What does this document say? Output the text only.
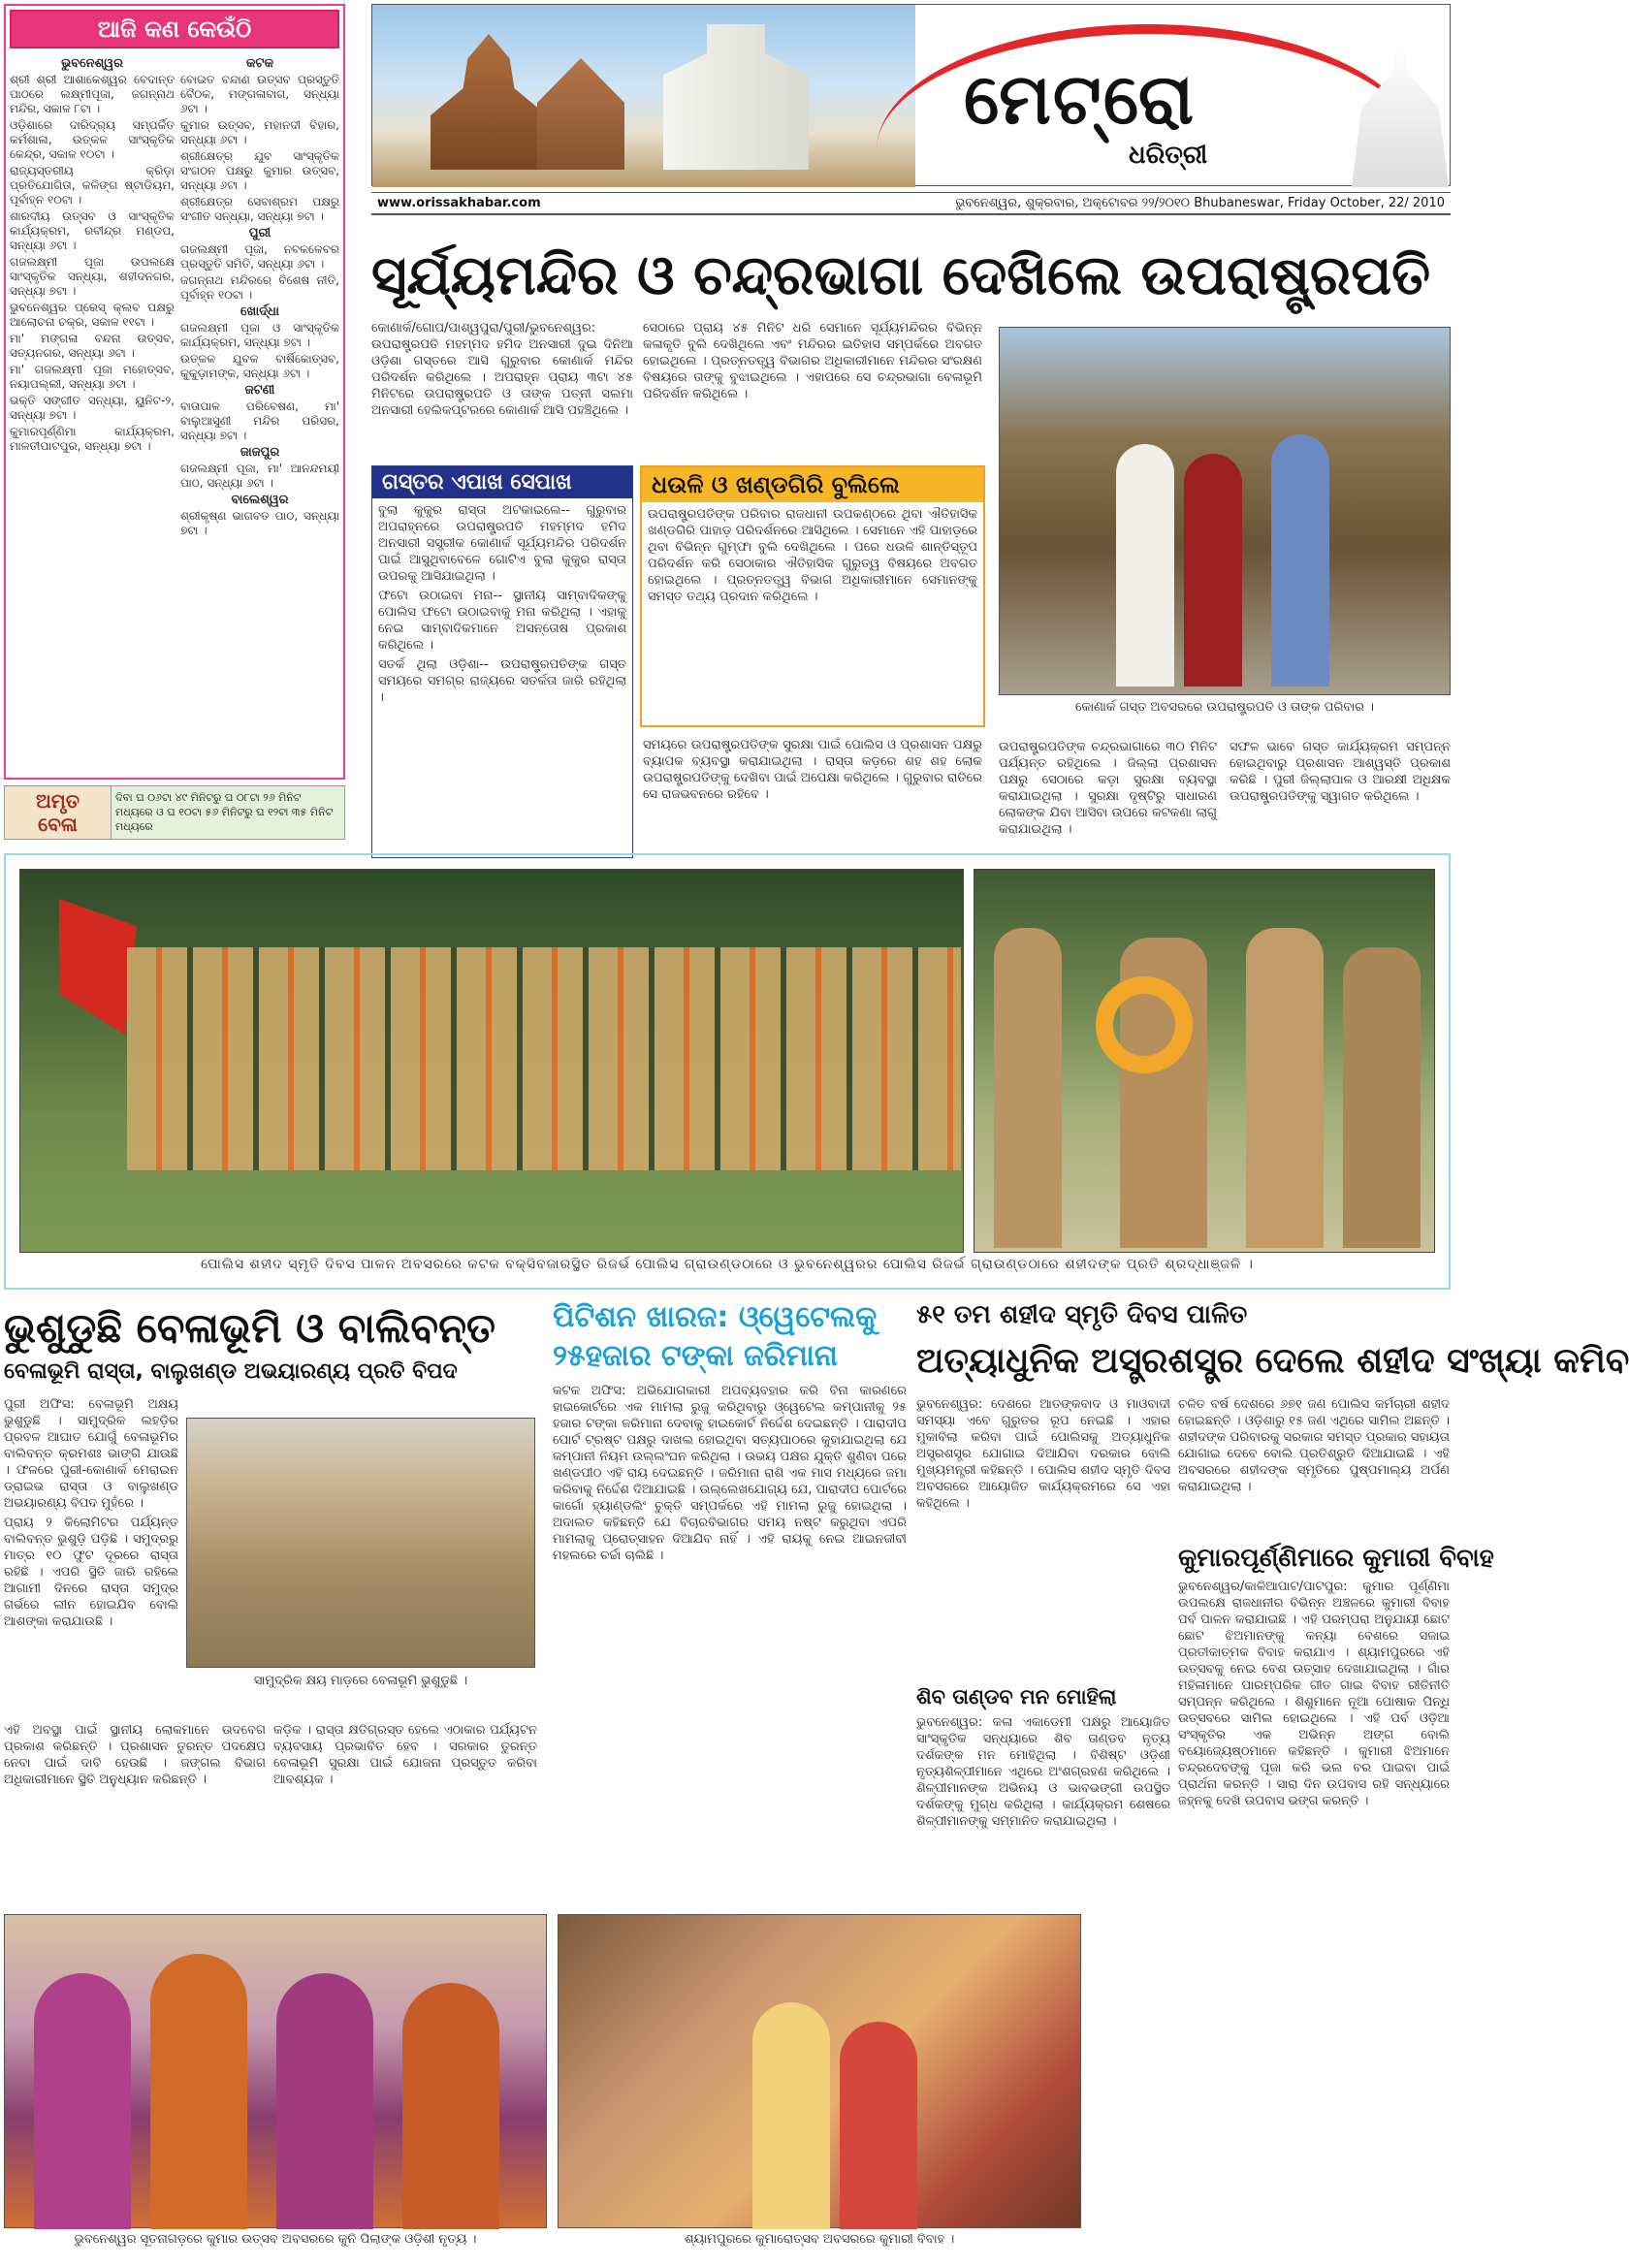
ଆଜି କଣ କେଉଁଠି
ଭୁବନେଶ୍ୱର
ଶ୍ରୀ ଶ୍ରୀ ଆଶାକେଶ୍ୱର ବେଦାନ୍ତ ପାଠରେ ଲକ୍ଷ୍ମୀପୂଜା, ଜଗନ୍ନାଥ ମନ୍ଦିର, ସକାଳ ୮ଟା ।
ଓଡ଼ିଶାରେ ଦାରିଦ୍ର୍ୟ ସମ୍ପର୍କିତ କର୍ମଶାଳା, ଉତ୍କଳ ସାଂସ୍କୃତିକ କେନ୍ଦ୍ର, ସକାଳ ୧୦ଟା ।
ରାଜ୍ୟସ୍ତରୀୟ କ୍ରିଡ଼ା ପ୍ରତିଯୋଗିତା, କଳିଙ୍ଗ ଷ୍ଟାଡିୟମ, ପୂର୍ବାହ୍ନ ୧୦ଟା ।
ଶାରଦୀୟ ଉତ୍ସବ ଓ ସାଂସ୍କୃତିକ କାର୍ଯ୍ୟକ୍ରମ, ରବୀନ୍ଦ୍ର ମଣ୍ଡପ, ସନ୍ଧ୍ୟା ୬ଟା ।
ଗଜଲକ୍ଷ୍ମୀ ପୂଜା ଉପଲକ୍ଷେ ସାଂସ୍କୃତିକ ସନ୍ଧ୍ୟା, ଶହୀଦନଗର, ସନ୍ଧ୍ୟା ୭ଟା ।
ଭୁବନେଶ୍ୱର ପ୍ରେସ୍ କ୍ଲବ ପକ୍ଷରୁ ଆଲୋଚନା ଚକ୍ର, ସକାଳ ୧୧ଟା ।
ମା' ମଙ୍ଗଳା ବନ୍ଦନା ଉତ୍ସବ, ସତ୍ୟନଗର, ସନ୍ଧ୍ୟା ୬ଟା ।
ମା' ଗଜଲକ୍ଷ୍ମୀ ପୂଜା ମହୋତ୍ସବ, ନୟାପଲ୍ଲୀ, ସନ୍ଧ୍ୟା ୬ଟା ।
ଭକ୍ତି ସଙ୍ଗୀତ ସନ୍ଧ୍ୟା, ୟୁନିଟ-୨, ସନ୍ଧ୍ୟା ୭ଟା ।
କୁମାରପୂର୍ଣ୍ଣିମା କାର୍ଯ୍ୟକ୍ରମ, ମାଳତୀପାଟପୁର, ସନ୍ଧ୍ୟା ୭ଟା ।
କଟକ
ବୋଇତ ବନ୍ଦାଣ ଉତ୍ସବ ପ୍ରସ୍ତୁତି ବୈଠକ, ମଙ୍ଗଳାବାଗ, ସନ୍ଧ୍ୟା ୬ଟା ।
କୁମାର ଉତ୍ସବ, ମହାନଦୀ ବିହାର, ସନ୍ଧ୍ୟା ୬ଟା ।
ଶ୍ରୀକ୍ଷେତ୍ର ଯୁବ ସାଂସ୍କୃତିକ ସଂଗଠନ ପକ୍ଷରୁ କୁମାର ଉତ୍ସବ, ସନ୍ଧ୍ୟା ୬ଟା ।
ଶ୍ରୀକ୍ଷେତ୍ର ସେବାଶ୍ରମ ପକ୍ଷରୁ ସଂଗୀତ ସନ୍ଧ୍ୟା, ସନ୍ଧ୍ୟା ୭ଟା ।
ପୁରୀ
ଗଜଲକ୍ଷ୍ମୀ ପୂଜା, ନବକଳେବର ପ୍ରସ୍ତୁତି ସମିତି, ସନ୍ଧ୍ୟା ୬ଟା ।
ଜଗନ୍ନାଥ ମନ୍ଦିରରେ ବିଶେଷ ନୀତି, ପୂର୍ବାହ୍ନ ୧୦ଟା ।
ଖୋର୍ଦ୍ଧା
ଗଜଲକ୍ଷ୍ମୀ ପୂଜା ଓ ସାଂସ୍କୃତିକ କାର୍ଯ୍ୟକ୍ରମ, ସନ୍ଧ୍ୟା ୭ଟା ।
ଉତ୍କଳ ଯୁବକ ବାର୍ଷିକୋତ୍ସବ, କୁକୁଡ଼ାମଙ୍କ, ସନ୍ଧ୍ୟା ୬ଟା ।
ଜଟଣୀ
ବାତାପାଳ ପରିବେଷଣ, ମା' ବାଲୁଆସୁଣୀ ମନ୍ଦିର ପରିସର, ସନ୍ଧ୍ୟା ୭ଟା ।
ଜାଜପୁର
ଗଜଲକ୍ଷ୍ମୀ ପୂଜା, ମା' ଆନନ୍ଦମୟୀ ପାଠ, ସନ୍ଧ୍ୟା ୬ଟା ।
ବାଲେଶ୍ୱର
ଶ୍ରୀକୃଷ୍ଣ ଭାଗବତ ପାଠ, ସନ୍ଧ୍ୟା ୭ଟା ।
ଅମୃତ
ବେଳା
ଦିବା ଘ ୦୬ଟା ୪୯ ମିନିଟରୁ ଘ ୦୮ଟା ୨୬ ମିନିଟ ମଧ୍ୟରେ ଓ ଘ ୧୦ଟା ୫୬ ମିନିଟରୁ ଘ ୧୨ଟା ୩୫ ମିନିଟ ମଧ୍ୟରେ
ମେଟ୍ରୋ
ଧରିତ୍ରୀ
www.orissakhabar.com	ଭୁବନେଶ୍ୱର, ଶୁକ୍ରବାର, ଅକ୍ଟୋବର ୨୨/୨୦୧୦ Bhubaneswar, Friday October, 22/ 2010
ସୂର୍ଯ୍ୟମନ୍ଦିର ଓ ଚନ୍ଦ୍ରଭାଗା ଦେଖିଲେ ଉପରାଷ୍ଟ୍ରପତି

କୋଣାର୍କ/ଗୋପ/ପାଶ୍ୱପୁରା/ପୁରୀ/ଭୁବନେଶ୍ୱର: ଉପରାଷ୍ଟ୍ରପତି ମହମ୍ମଦ ହମିଦ ଅନସାରୀ ଦୁଇ ଦିନିଆ ଓଡ଼ିଶା ଗସ୍ତରେ ଆସି ଗୁରୁବାର କୋଣାର୍କ ମନ୍ଦିର ପରିଦର୍ଶନ କରିଥିଲେ । ଅପରାହ୍ନ ପ୍ରାୟ ୩ଟା ୪୫ ମିନିଟରେ ଉପରାଷ୍ଟ୍ରପତି ଓ ତାଙ୍କ ପତ୍ନୀ ସଲମା ଅନସାରୀ ହେଲିକପ୍ଟରରେ କୋଣାର୍କ ଆସି ପହଞ୍ଚିଥିଲେ ।

ସେଠାରେ ପ୍ରାୟ ୪୫ ମିନିଟ ଧରି ସେମାନେ ସୂର୍ଯ୍ୟମନ୍ଦିରର ବିଭିନ୍ନ କଳାକୃତି ବୁଲି ଦେଖିଥିଲେ ଏବଂ ମନ୍ଦିରର ଇତିହାସ ସମ୍ପର୍କରେ ଅବଗତ ହୋଇଥିଲେ । ପ୍ରତ୍ନତତ୍ତ୍ୱ ବିଭାଗର ଅଧିକାରୀମାନେ ମନ୍ଦିରର ସଂରକ୍ଷଣ ବିଷୟରେ ତାଙ୍କୁ ବୁଝାଇଥିଲେ । ଏହାପରେ ସେ ଚନ୍ଦ୍ରଭାଗା ବେଳାଭୂମି ପରିଦର୍ଶନ କରିଥିଲେ ।

କୋଣାର୍କ ଗସ୍ତ ଅବସରରେ ଉପରାଷ୍ଟ୍ରପତି ଓ ତାଙ୍କ ପରିବାର ।
ଗସ୍ତର ଏପାଖ ସେପାଖ

ବୁଲା କୁକୁର ରାସ୍ତା ଅଟକାଇଲେ-- ଗୁରୁବାର ଅପରାହ୍ନରେ ଉପରାଷ୍ଟ୍ରପତି ମହମ୍ମଦ ହମିଦ ଅନସାରୀ ସସ୍ତ୍ରୀକ କୋଣାର୍କ ସୂର୍ଯ୍ୟମନ୍ଦିର ପରିଦର୍ଶନ ପାଇଁ ଆସୁଥିବାବେଳେ ଗୋଟିଏ ବୁଲା କୁକୁର ରାସ୍ତା ଉପରକୁ ଆସିଯାଇଥିଲା ।

ଫଟୋ ଉଠାଇବା ମନା-- ସ୍ଥାନୀୟ ସାମ୍ବାଦିକଙ୍କୁ ପୋଲିସ ଫଟୋ ଉଠାଇବାକୁ ମନା କରିଥିଲା । ଏହାକୁ ନେଇ ସାମ୍ବାଦିକମାନେ ଅସନ୍ତୋଷ ପ୍ରକାଶ କରିଥିଲେ ।

ସତର୍କ ଥିଲା ଓଡ଼ିଶା-- ଉପରାଷ୍ଟ୍ରପତିଙ୍କ ଗସ୍ତ ସମୟରେ ସମଗ୍ର ରାଜ୍ୟରେ ସତର୍କତା ଜାରି ରହିଥିଲା ।

ଧଉଳି ଓ ଖଣ୍ଡଗିରି ବୁଲିଲେ
ଉପରାଷ୍ଟ୍ରପତିଙ୍କ ପରିବାର ରାଜଧାନୀ ଉପକଣ୍ଠରେ ଥିବା ଐତିହାସିକ ଖଣ୍ଡଗିରି ପାହାଡ଼ ପରିଦର୍ଶନରେ ଆସିଥିଲେ । ସେମାନେ ଏହି ପାହାଡ଼ରେ ଥିବା ବିଭିନ୍ନ ଗୁମ୍ଫା ବୁଲି ଦେଖିଥିଲେ । ପରେ ଧଉଳି ଶାନ୍ତିସ୍ତୂପ ପରିଦର୍ଶନ କରି ସେଠାକାର ଐତିହାସିକ ଗୁରୁତ୍ୱ ବିଷୟରେ ଅବଗତ ହୋଇଥିଲେ । ପ୍ରତ୍ନତତ୍ତ୍ୱ ବିଭାଗ ଅଧିକାରୀମାନେ ସେମାନଙ୍କୁ ସମସ୍ତ ତଥ୍ୟ ପ୍ରଦାନ କରିଥିଲେ ।

ସମୟରେ ଉପରାଷ୍ଟ୍ରପତିଙ୍କ ସୁରକ୍ଷା ପାଇଁ ପୋଲିସ ଓ ପ୍ରଶାସନ ପକ୍ଷରୁ ବ୍ୟାପକ ବ୍ୟବସ୍ଥା କରାଯାଇଥିଲା । ରାସ୍ତା କଡ଼ରେ ଶହ ଶହ ଲୋକ ଉପରାଷ୍ଟ୍ରପତିଙ୍କୁ ଦେଖିବା ପାଇଁ ଅପେକ୍ଷା କରିଥିଲେ । ଗୁରୁବାର ରାତିରେ ସେ ରାଜଭବନରେ ରହିବେ ।

ଉପରାଷ୍ଟ୍ରପତିଙ୍କ ଚନ୍ଦ୍ରଭାଗାରେ ୩୦ ମିନିଟ ପର୍ଯ୍ୟନ୍ତ ରହିଥିଲେ । ଜିଲ୍ଲା ପ୍ରଶାସନ ପକ୍ଷରୁ ସେଠାରେ କଡ଼ା ସୁରକ୍ଷା ବ୍ୟବସ୍ଥା କରାଯାଇଥିଲା । ସୁରକ୍ଷା ଦୃଷ୍ଟିରୁ ସାଧାରଣ ଲୋକଙ୍କ ଯିବା ଆସିବା ଉପରେ କଟକଣା ଲାଗୁ କରାଯାଇଥିଲା ।

ସଫଳ ଭାବେ ଗସ୍ତ କାର୍ଯ୍ୟକ୍ରମ ସମ୍ପନ୍ନ ହୋଇଥିବାରୁ ପ୍ରଶାସନ ଆଶ୍ୱସ୍ତି ପ୍ରକାଶ କରିଛି । ପୁରୀ ଜିଲ୍ଲାପାଳ ଓ ଆରକ୍ଷୀ ଅଧିକ୍ଷକ ଉପରାଷ୍ଟ୍ରପତିଙ୍କୁ ସ୍ୱାଗତ କରିଥିଲେ ।

ପୋଲିସ ଶହୀଦ ସ୍ମୃତି ଦିବସ ପାଳନ ଅବସରରେ କଟକ ବକ୍ସିବଜାରସ୍ଥିତ ରିଜର୍ଭ ପୋଲିସ ଗ୍ରାଉଣ୍ଡଠାରେ ଓ ଭୁବନେଶ୍ୱରର ପୋଲିସ ରିଜର୍ଭ ଗ୍ରାଉଣ୍ଡଠାରେ ଶହୀଦଙ୍କ ପ୍ରତି ଶ୍ରଦ୍ଧାଞ୍ଜଳି ।
ଭୁଶୁଡୁଛି ବେଳାଭୂମି ଓ ବାଲିବନ୍ତ
ବେଳାଭୂମି ରାସ୍ତା, ବାଲୁଖଣ୍ଡ ଅଭୟାରଣ୍ୟ ପ୍ରତି ବିପଦ

ପୁରୀ ଅଫିସ: ବେଳାଭୂମି ଅକ୍ଷୟ ଭୁଶୁଡୁଛି । ସାମୁଦ୍ରିକ ଲହଡ଼ିର ପ୍ରବଳ ଆଘାତ ଯୋଗୁଁ ବେଳାଭୂମିର ବାଲିବନ୍ତ କ୍ରମଶଃ ଭାଙ୍ଗି ଯାଉଛି । ଫଳରେ ପୁରୀ-କୋଣାର୍କ ମେରାଇନ ଡ୍ରାଇଭ ରାସ୍ତା ଓ ବାଲୁଖଣ୍ଡ ଅଭୟାରଣ୍ୟ ବିପଦ ମୁହଁରେ ।

ପ୍ରାୟ ୨ କିଲୋମିଟର ପର୍ଯ୍ୟନ୍ତ ବାଲିବନ୍ତ ଭୁଶୁଡ଼ି ପଡ଼ିଛି । ସମୁଦ୍ରରୁ ମାତ୍ର ୧୦ ଫୁଟ ଦୂରରେ ରାସ୍ତା ରହିଛି । ଏପରି ସ୍ଥିତି ଜାରି ରହିଲେ ଆଗାମୀ ଦିନରେ ରାସ୍ତା ସମୁଦ୍ର ଗର୍ଭରେ ଲୀନ ହୋଇଯିବ ବୋଲି ଆଶଙ୍କା କରାଯାଉଛି ।

ସାମୁଦ୍ରିକ କ୍ଷୟ ମାଡ଼ରେ ବେଳାଭୂମି ଭୁଶୁଡୁଛି ।

ଏହି ଅବସ୍ଥା ପାଇଁ ସ୍ଥାନୀୟ ଲୋକମାନେ ଉଦବେଗ ପ୍ରକାଶ କରିଛନ୍ତି । ପ୍ରଶାସନ ତୁରନ୍ତ ପଦକ୍ଷେପ ନେବା ପାଇଁ ଦାବି ହେଉଛି । ଜଙ୍ଗଲ ବିଭାଗ ଅଧିକାରୀମାନେ ସ୍ଥିତି ଅନୁଧ୍ୟାନ କରିଛନ୍ତି ।

କଡ଼ିକ । ରାସ୍ତା କ୍ଷତିଗ୍ରସ୍ତ ହେଲେ ଏଠାକାର ପର୍ଯ୍ୟଟନ ବ୍ୟବସାୟ ପ୍ରଭାବିତ ହେବ । ସରକାର ତୁରନ୍ତ ବେଳାଭୂମି ସୁରକ୍ଷା ପାଇଁ ଯୋଜନା ପ୍ରସ୍ତୁତ କରିବା ଆବଶ୍ୟକ ।

ପିଟିଶନ ଖାରଜ: ଓ୍ୱେଟେଲକୁ
୨୫ହଜାର ଟଙ୍କା ଜରିମାନା
କଟକ ଅଫିସ: ଅଭିଯୋଗକାରୀ ଅପବ୍ୟବହାର କରି ବିନା କାରଣରେ ହାଇକୋର୍ଟରେ ଏକ ମାମଲା ରୁଜୁ କରିଥିବାରୁ ଓ୍ୱେଟେଲ କମ୍ପାନୀକୁ ୨୫ ହଜାର ଟଙ୍କା ଜରିମାନା ଦେବାକୁ ହାଇକୋର୍ଟ ନିର୍ଦ୍ଦେଶ ଦେଇଛନ୍ତି । ପାରାଦୀପ ପୋର୍ଟ ଟ୍ରଷ୍ଟ ପକ୍ଷରୁ ଦାଖଲ ହୋଇଥିବା ସତ୍ୟପାଠରେ କୁହାଯାଇଥିଲା ଯେ କମ୍ପାନୀ ନିୟମ ଉଲ୍ଲଂଘନ କରିଥିଲା । ଉଭୟ ପକ୍ଷର ଯୁକ୍ତି ଶୁଣିବା ପରେ ଖଣ୍ଡପୀଠ ଏହି ରାୟ ଦେଇଛନ୍ତି । ଜରିମାନା ରାଶି ଏକ ମାସ ମଧ୍ୟରେ ଜମା କରିବାକୁ ନିର୍ଦ୍ଦେଶ ଦିଆଯାଇଛି । ଉଲ୍ଲେଖଯୋଗ୍ୟ ଯେ, ପାରାଦୀପ ପୋର୍ଟରେ କାର୍ଗୋ ହ୍ୟାଣ୍ଡଲିଂ ଚୁକ୍ତି ସମ୍ପର୍କରେ ଏହି ମାମଲା ରୁଜୁ ହୋଇଥିଲା । ଅଦାଲତ କହିଛନ୍ତି ଯେ ବିଚାରବିଭାଗର ସମୟ ନଷ୍ଟ କରୁଥିବା ଏପରି ମାମଲାକୁ ପ୍ରୋତ୍ସାହନ ଦିଆଯିବ ନାହିଁ । ଏହି ରାୟକୁ ନେଇ ଆଇନଜୀବୀ ମହଲରେ ଚର୍ଚ୍ଚା ଚାଲିଛି ।
୫୧ ତମ ଶହୀଦ ସ୍ମୃତି ଦିବସ ପାଳିତ
ଅତ୍ୟାଧୁନିକ ଅସ୍ତ୍ରଶସ୍ତ୍ର ଦେଲେ ଶହୀଦ ସଂଖ୍ୟା କମିବ

ଭୁବନେଶ୍ୱର: ଦେଶରେ ଆତଙ୍କବାଦ ଓ ମାଓବାଦୀ ସମସ୍ୟା ଏବେ ଗୁରୁତର ରୂପ ନେଇଛି । ଏହାର ମୁକାବିଲା କରିବା ପାଇଁ ପୋଲିସକୁ ଅତ୍ୟାଧୁନିକ ଅସ୍ତ୍ରଶସ୍ତ୍ର ଯୋଗାଇ ଦିଆଯିବା ଦରକାର ବୋଲି ମୁଖ୍ୟମନ୍ତ୍ରୀ କହିଛନ୍ତି । ପୋଲିସ ଶହୀଦ ସ୍ମୃତି ଦିବସ ଅବସରରେ ଆୟୋଜିତ କାର୍ଯ୍ୟକ୍ରମରେ ସେ ଏହା କହିଥିଲେ ।

ଚଳିତ ବର୍ଷ ଦେଶରେ ୬୭୧ ଜଣ ପୋଲିସ କର୍ମଚାରୀ ଶହୀଦ ହୋଇଛନ୍ତି । ଓଡ଼ିଶାରୁ ୧୫ ଜଣ ଏଥିରେ ସାମିଲ ଅଛନ୍ତି । ଶହୀଦଙ୍କ ପରିବାରକୁ ସରକାର ସମସ୍ତ ପ୍ରକାର ସହାୟତା ଯୋଗାଇ ଦେବେ ବୋଲି ପ୍ରତିଶ୍ରୁତି ଦିଆଯାଇଛି । ଏହି ଅବସରରେ ଶହୀଦଙ୍କ ସ୍ମୃତିରେ ପୁଷ୍ପମାଲ୍ୟ ଅର୍ପଣ କରାଯାଇଥିଲା ।

ଶିବ ତାଣ୍ଡବ ମନ ମୋହିଲା
ଭୁବନେଶ୍ୱର: କଳା ଏକାଡେମୀ ପକ୍ଷରୁ ଆୟୋଜିତ ସାଂସ୍କୃତିକ ସନ୍ଧ୍ୟାରେ ଶିବ ତାଣ୍ଡବ ନୃତ୍ୟ ଦର୍ଶକଙ୍କ ମନ ମୋହିଥିଲା । ବିଶିଷ୍ଟ ଓଡ଼ିଶୀ ନୃତ୍ୟଶିଳ୍ପୀମାନେ ଏଥିରେ ଅଂଶଗ୍ରହଣ କରିଥିଲେ । ଶିଳ୍ପୀମାନଙ୍କ ଅଭିନୟ ଓ ଭାବଭଙ୍ଗୀ ଉପସ୍ଥିତ ଦର୍ଶକଙ୍କୁ ମୁଗ୍ଧ କରିଥିଲା । କାର୍ଯ୍ୟକ୍ରମ ଶେଷରେ ଶିଳ୍ପୀମାନଙ୍କୁ ସମ୍ମାନିତ କରାଯାଇଥିଲା ।
କୁମାରପୂର୍ଣ୍ଣିମାରେ କୁମାରୀ ବିବାହ
ଭୁବନେଶ୍ୱର/କାଳିଆପାଟ/ପାଟପୁର: କୁମାର ପୂର୍ଣ୍ଣିମା ଉପଲକ୍ଷେ ରାଜଧାନୀର ବିଭିନ୍ନ ଅଞ୍ଚଳରେ କୁମାରୀ ବିବାହ ପର୍ବ ପାଳନ କରାଯାଇଛି । ଏହି ପରମ୍ପରା ଅନୁଯାୟୀ ଛୋଟ ଛୋଟ ଝିଅମାନଙ୍କୁ କନ୍ୟା ବେଶରେ ସଜାଇ ପ୍ରତୀକାତ୍ମକ ବିବାହ କରାଯାଏ । ଶ୍ୟାମପୁରରେ ଏହି ଉତ୍ସବକୁ ନେଇ ବେଶ ଉତ୍ସାହ ଦେଖାଯାଇଥିଲା । ଗାଁର ମହିଳାମାନେ ପାରମ୍ପରିକ ଗୀତ ଗାଇ ବିବାହ ରୀତିନୀତି ସମ୍ପନ୍ନ କରିଥିଲେ । ଶିଶୁମାନେ ନୂଆ ପୋଷାକ ପିନ୍ଧି ଉତ୍ସବରେ ସାମିଲ ହୋଇଥିଲେ । ଏହି ପର୍ବ ଓଡ଼ିଆ ସଂସ୍କୃତିର ଏକ ଅଭିନ୍ନ ଅଙ୍ଗ ବୋଲି ବୟୋଜ୍ୟେଷ୍ଠମାନେ କହିଛନ୍ତି । କୁମାରୀ ଝିଅମାନେ ଚନ୍ଦ୍ରଦେବଙ୍କୁ ପୂଜା କରି ଭଲ ବର ପାଇବା ପାଇଁ ପ୍ରାର୍ଥନା କରନ୍ତି । ସାରା ଦିନ ଉପବାସ ରହି ସନ୍ଧ୍ୟାରେ ଜହ୍ନକୁ ଦେଖି ଉପବାସ ଭଙ୍ଗ କରନ୍ତି ।
ଭୁବନେଶ୍ୱର ସୂତନାଗଡ଼ରେ କୁମାର ଉତ୍ସବ ଅବସରରେ କୁନି ପିଲାଙ୍କ ଓଡ଼ିଶୀ ନୃତ୍ୟ ।	ଶ୍ୟାମପୁରରେ କୁମାରୋତ୍ସବ ଅବସରରେ କୁମାରୀ ବିବାହ ।
